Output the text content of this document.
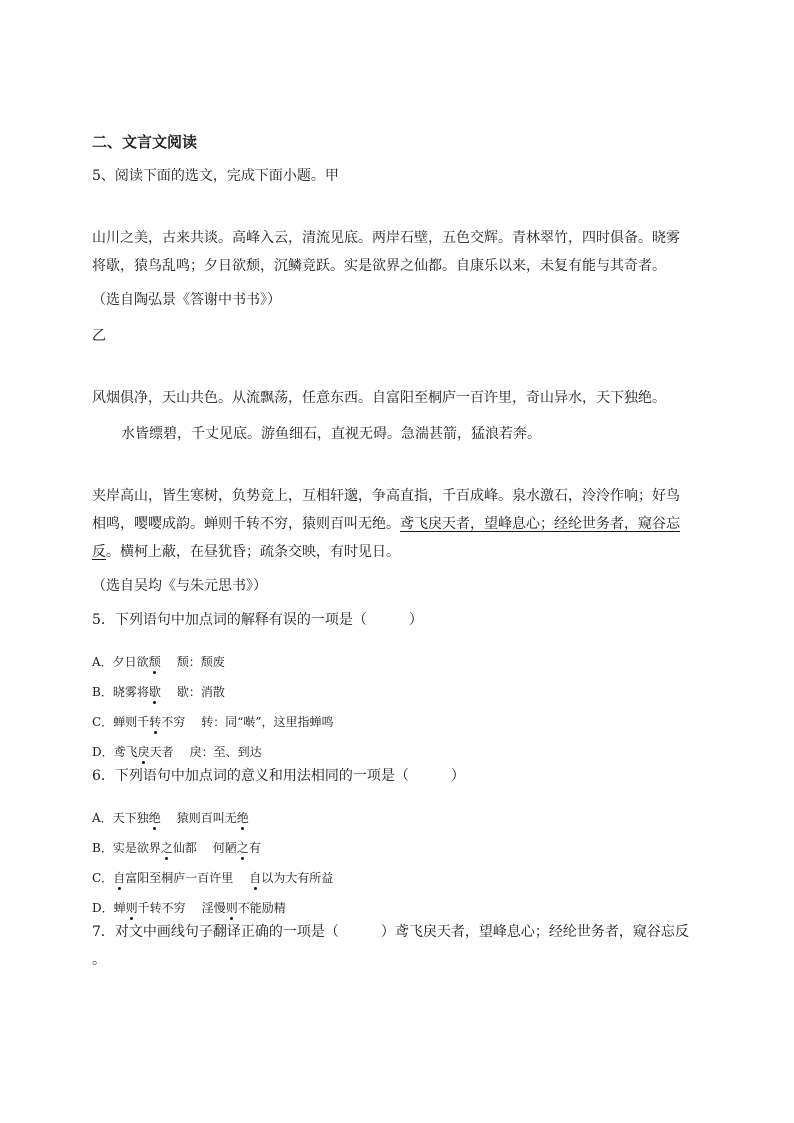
二、文言文阅读
5、阅读下面的选文，完成下面小题。甲
山川之美，古来共谈。高峰入云，清流见底。两岸石壁，五色交辉。青林翠竹，四时俱备。晓雾
将歇，猿鸟乱鸣；夕日欲颓，沉鳞竞跃。实是欲界之仙都。自康乐以来，未复有能与其奇者。
（选自陶弘景《答谢中书书》）
乙
风烟俱净，天山共色。从流飘荡，任意东西。自富阳至桐庐一百许里，奇山异水，天下独绝。
水皆缥碧，千丈见底。游鱼细石，直视无碍。急湍甚箭，猛浪若奔。
夹岸高山，皆生寒树，负势竞上，互相轩邈，争高直指，千百成峰。泉水激石，泠泠作响；好鸟
相鸣，嘤嘤成韵。蝉则千转不穷，猿则百叫无绝。鸢飞戾天者，望峰息心；经纶世务者，窥谷忘
反。横柯上蔽，在昼犹昏；疏条交映，有时见日。
（选自吴均《与朱元思书》）
5．下列语句中加点词的解释有误的一项是（　　　）
A．夕日欲颓 颓：颓废
B．晓雾将歇 歇：消散
C．蝉则千转不穷 转：同“啭”，这里指蝉鸣
D．鸢飞戾天者 戾：至、到达
6．下列语句中加点词的意义和用法相同的一项是（　　　）
A．天下独绝 猿则百叫无绝
B．实是欲界之仙都 何陋之有
C．自富阳至桐庐一百许里 自以为大有所益
D．蝉则千转不穷 淫慢则不能励精
7．对文中画线句子翻译正确的一项是（　　　）鸢飞戾天者，望峰息心；经纶世务者，窥谷忘反
。
